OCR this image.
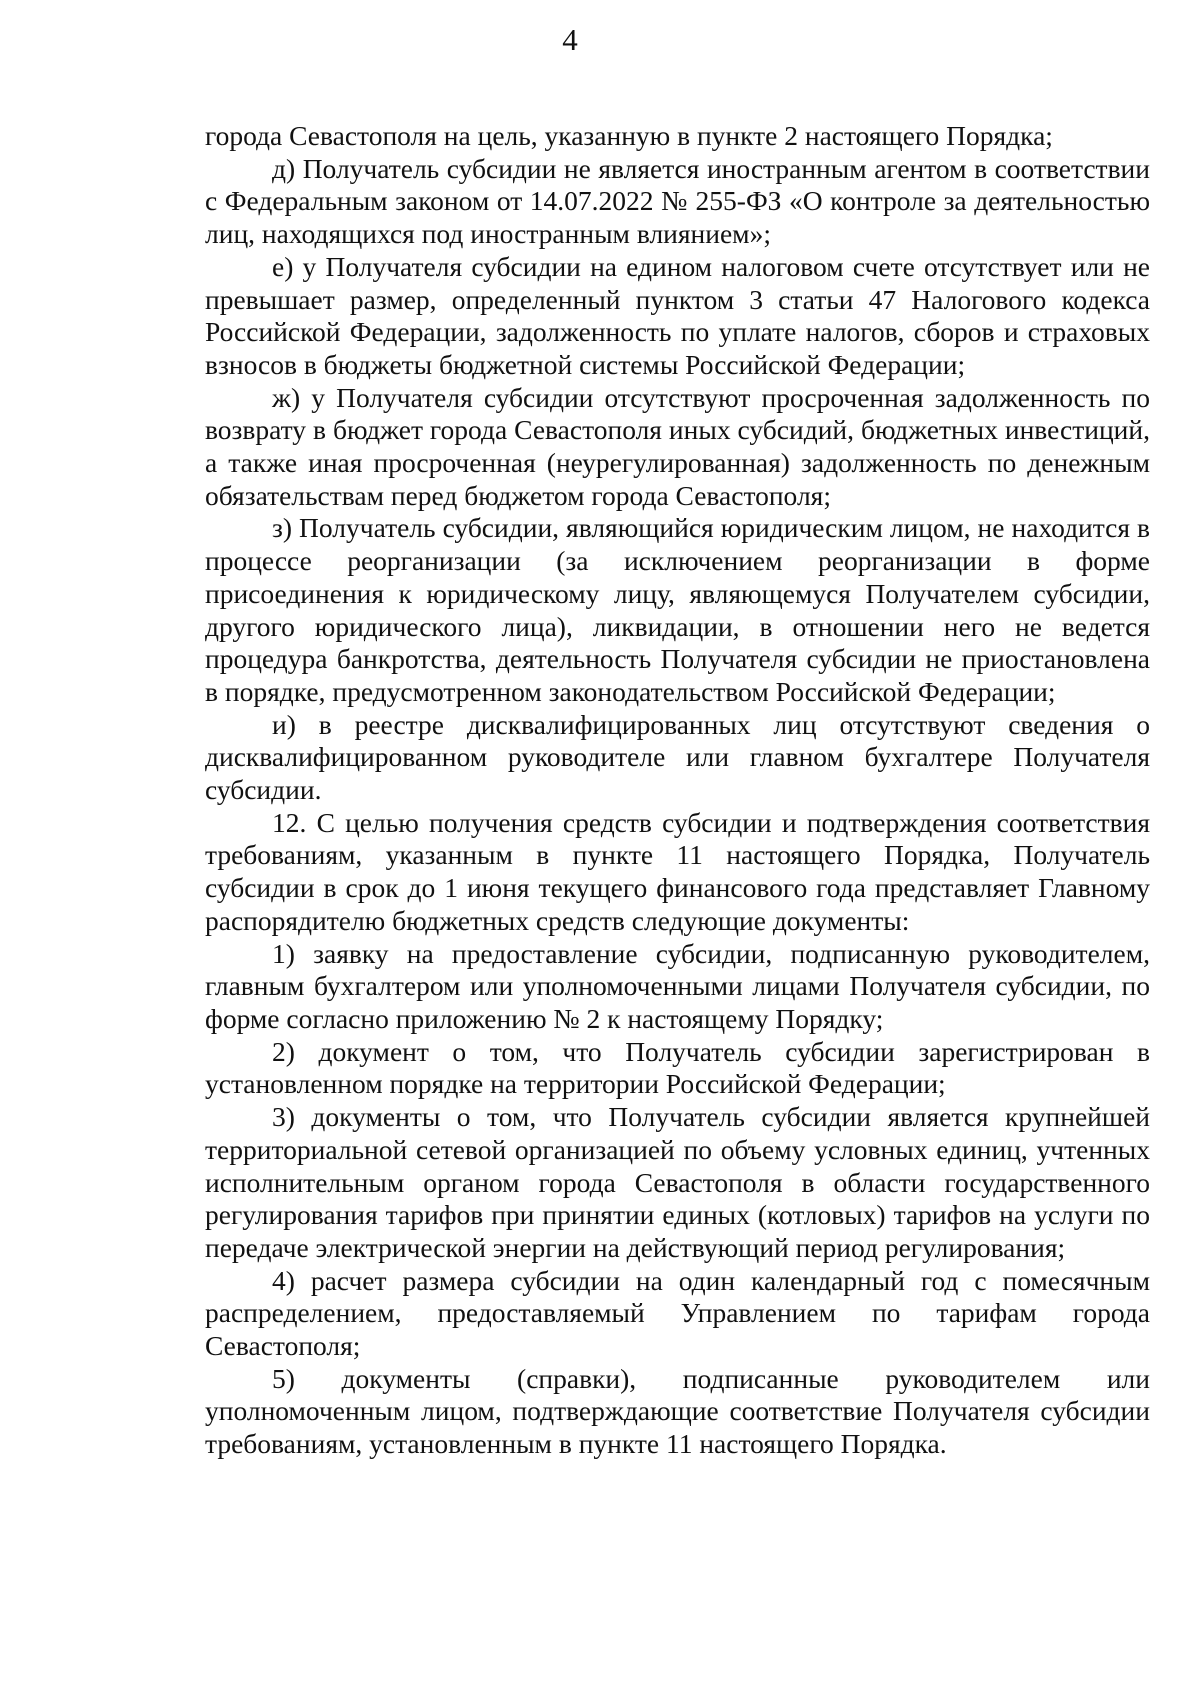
4

города Севастополя на цель, указанную в пункте 2 настоящего Порядка;

д) Получатель субсидии не является иностранным агентом в соответствии с Федеральным законом от 14.07.2022 № 255-ФЗ «О контроле за деятельностью лиц, находящихся под иностранным влиянием»;

е) у Получателя субсидии на едином налоговом счете отсутствует или не превышает размер, определенный пунктом 3 статьи 47 Налогового кодекса Российской Федерации, задолженность по уплате налогов, сборов и страховых взносов в бюджеты бюджетной системы Российской Федерации;

ж) у Получателя субсидии отсутствуют просроченная задолженность по возврату в бюджет города Севастополя иных субсидий, бюджетных инвестиций, а также иная просроченная (неурегулированная) задолженность по денежным обязательствам перед бюджетом города Севастополя;

з) Получатель субсидии, являющийся юридическим лицом, не находится в процессе реорганизации (за исключением реорганизации в форме присоединения к юридическому лицу, являющемуся Получателем субсидии, другого юридического лица), ликвидации, в отношении него не ведется процедура банкротства, деятельность Получателя субсидии не приостановлена в порядке, предусмотренном законодательством Российской Федерации;

и) в реестре дисквалифицированных лиц отсутствуют сведения о дисквалифицированном руководителе или главном бухгалтере Получателя субсидии.

12. С целью получения средств субсидии и подтверждения соответствия требованиям, указанным в пункте 11 настоящего Порядка, Получатель субсидии в срок до 1 июня текущего финансового года представляет Главному распорядителю бюджетных средств следующие документы:

1) заявку на предоставление субсидии, подписанную руководителем, главным бухгалтером или уполномоченными лицами Получателя субсидии, по форме согласно приложению № 2 к настоящему Порядку;

2) документ о том, что Получатель субсидии зарегистрирован в установленном порядке на территории Российской Федерации;

3) документы о том, что Получатель субсидии является крупнейшей территориальной сетевой организацией по объему условных единиц, учтенных исполнительным органом города Севастополя в области государственного регулирования тарифов при принятии единых (котловых) тарифов на услуги по передаче электрической энергии на действующий период регулирования;

4) расчет размера субсидии на один календарный год с помесячным распределением, предоставляемый Управлением по тарифам города Севастополя;

5) документы (справки), подписанные руководителем или уполномоченным лицом, подтверждающие соответствие Получателя субсидии требованиям, установленным в пункте 11 настоящего Порядка.
